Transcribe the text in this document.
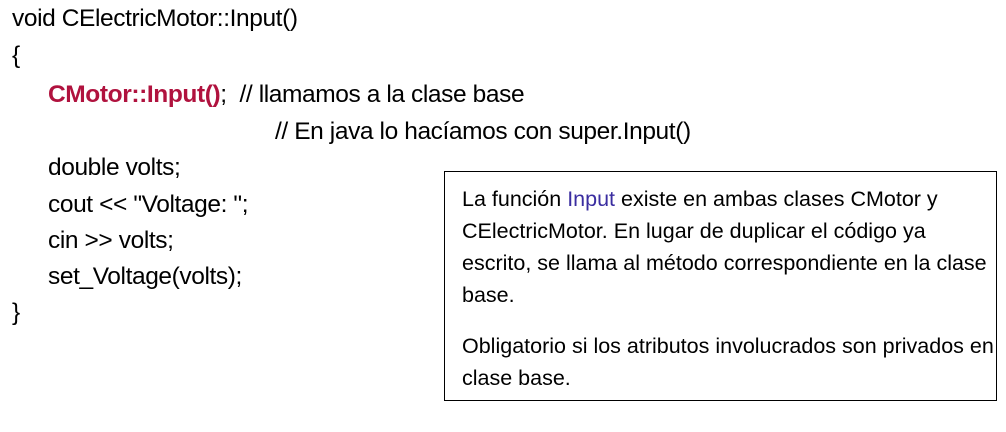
void CElectricMotor::Input()
{
CMotor::Input();  // llamamos a la clase base
// En java lo hacíamos con super.Input()
double volts;
cout << "Voltage: ";
cin >> volts;
set_Voltage(volts);
}

La función Input existe en ambas clases CMotor y CElectricMotor. En lugar de duplicar el código ya escrito, se llama al método correspondiente en la clase base.

Obligatorio si los atributos involucrados son privados en clase base.
